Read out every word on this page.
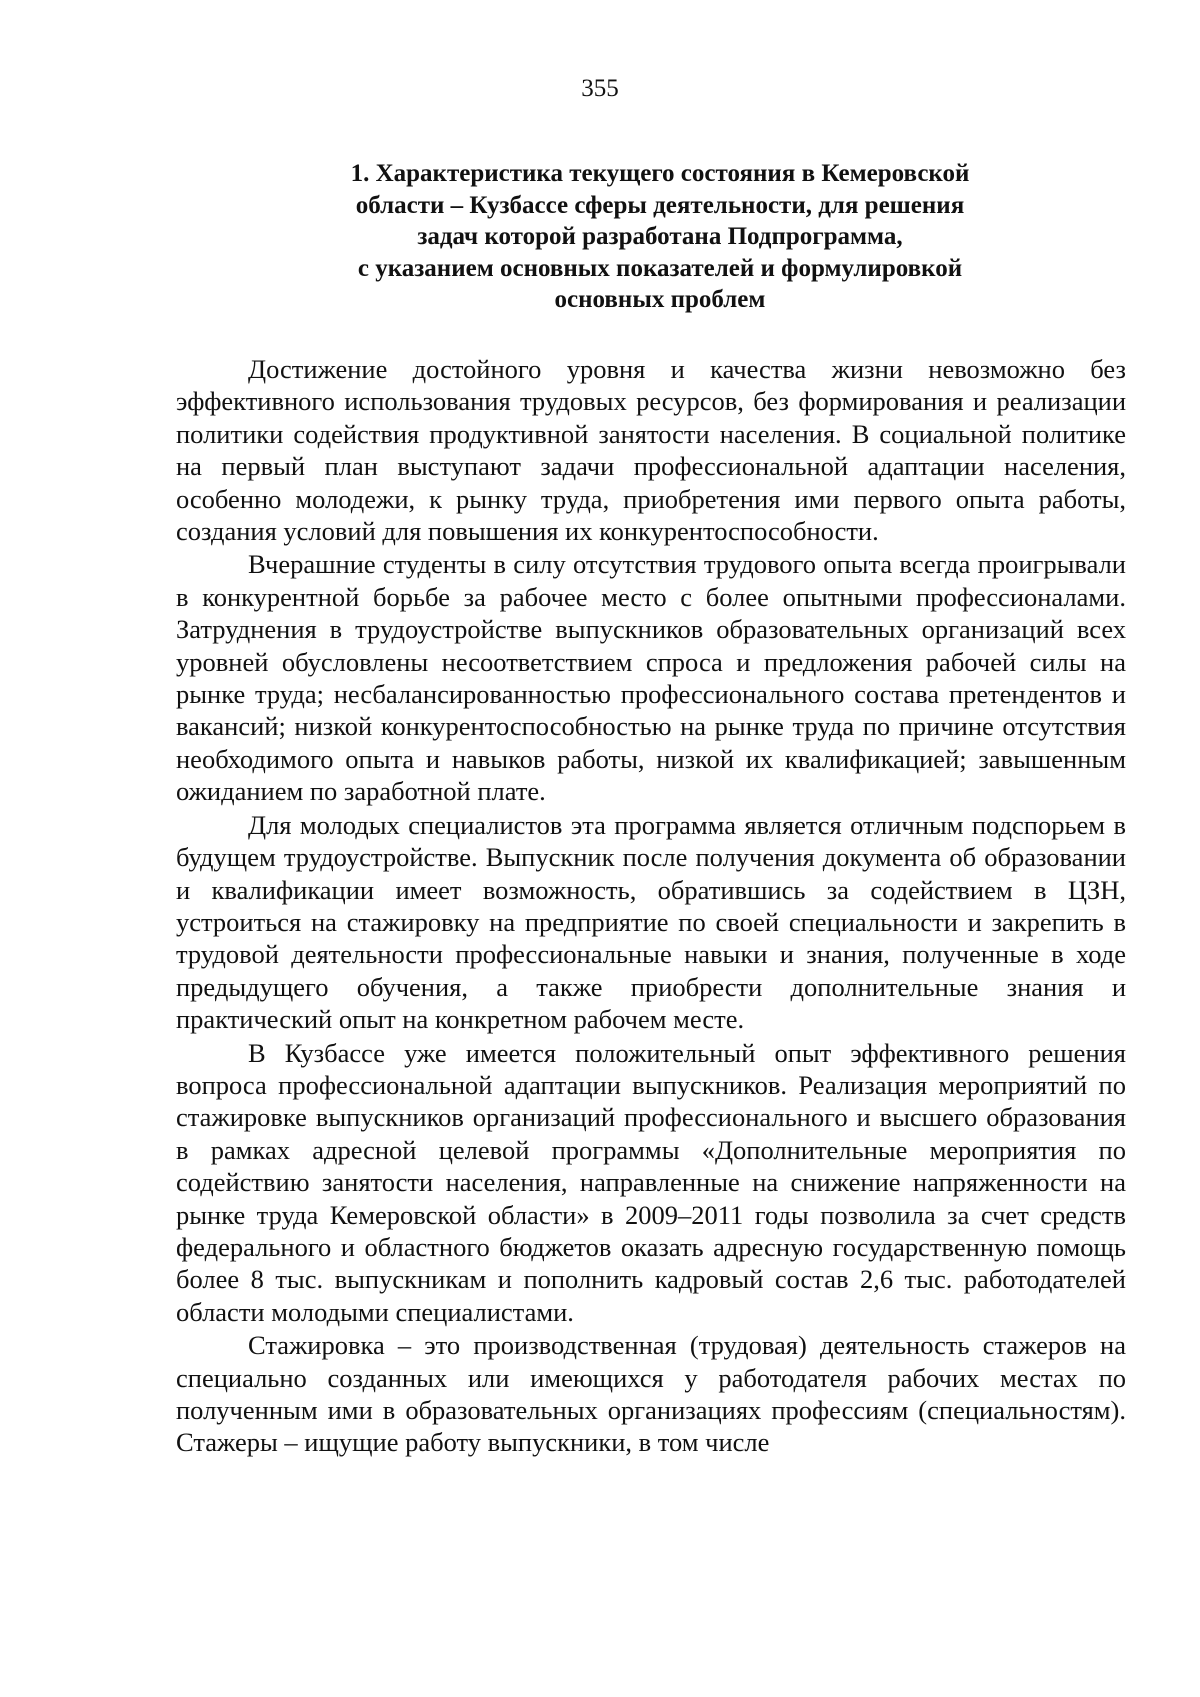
355
1. Характеристика текущего состояния в Кемеровской
области – Кузбассе сферы деятельности, для решения
задач которой разработана Подпрограмма,
с указанием основных показателей и формулировкой
основных проблем

Достижение достойного уровня и качества жизни невозможно без эффективного использования трудовых ресурсов, без формирования и реализации политики содействия продуктивной занятости населения. В социальной политике на первый план выступают задачи профессиональной адаптации населения, особенно молодежи, к рынку труда, приобретения ими первого опыта работы, создания условий для повышения их конкурентоспособности.

Вчерашние студенты в силу отсутствия трудового опыта всегда проигрывали в конкурентной борьбе за рабочее место с более опытными профессионалами. Затруднения в трудоустройстве выпускников образовательных организаций всех уровней обусловлены несоответствием спроса и предложения рабочей силы на рынке труда; несбалансированностью профессионального состава претендентов и вакансий; низкой конкурентоспособностью на рынке труда по причине отсутствия необходимого опыта и навыков работы, низкой их квалификацией; завышенным ожиданием по заработной плате.

Для молодых специалистов эта программа является отличным подспорьем в будущем трудоустройстве. Выпускник после получения документа об образовании и квалификации имеет возможность, обратившись за содействием в ЦЗН, устроиться на стажировку на предприятие по своей специальности и закрепить в трудовой деятельности профессиональные навыки и знания, полученные в ходе предыдущего обучения, а также приобрести дополнительные знания и практический опыт на конкретном рабочем месте.

В Кузбассе уже имеется положительный опыт эффективного решения вопроса профессиональной адаптации выпускников. Реализация мероприятий по стажировке выпускников организаций профессионального и высшего образования в рамках адресной целевой программы «Дополнительные мероприятия по содействию занятости населения, направленные на снижение напряженности на рынке труда Кемеровской области» в 2009–2011 годы позволила за счет средств федерального и областного бюджетов оказать адресную государственную помощь более 8 тыс. выпускникам и пополнить кадровый состав 2,6 тыс. работодателей области молодыми специалистами.

Стажировка – это производственная (трудовая) деятельность стажеров на специально созданных или имеющихся у работодателя рабочих местах по полученным ими в образовательных организациях профессиям (специальностям). Стажеры – ищущие работу выпускники, в том числе
